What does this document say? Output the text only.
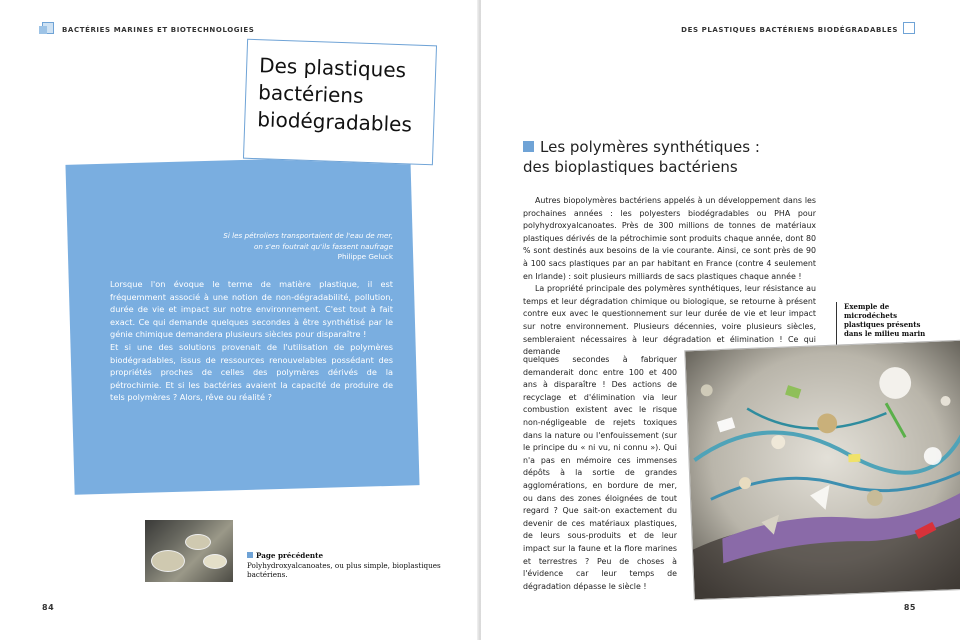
BACTÉRIES MARINES ET BIOTECHNOLOGIES
Des plastiques bactériens biodégradables
Si les pétroliers transportaient de l'eau de mer,
on s'en foutrait qu'ils fassent naufrage
Philippe Geluck

Lorsque l'on évoque le terme de matière plastique, il est fréquemment associé à une notion de non-dégradabilité, pollution, durée de vie et impact sur notre environnement. C'est tout à fait exact. Ce qui demande quelques secondes à être synthétisé par le génie chimique demandera plusieurs siècles pour disparaître !

Et si une des solutions provenait de l'utilisation de polymères biodégradables, issus de ressources renouvelables possédant des propriétés proches de celles des polymères dérivés de la pétrochimie. Et si les bactéries avaient la capacité de produire de tels polymères ? Alors, rêve ou réalité ?

Page précédente
Polyhydroxyalcanoates, ou plus simple, bioplastiques bactériens.
84
DES PLASTIQUES BACTÉRIENS BIODÉGRADABLES
Les polymères synthétiques :
des bioplastiques bactériens

Autres biopolymères bactériens appelés à un développement dans les prochaines années : les polyesters biodégradables ou PHA pour polyhydroxyalcanoates. Près de 300 millions de tonnes de matériaux plastiques dérivés de la pétrochimie sont produits chaque année, dont 80 % sont destinés aux besoins de la vie courante. Ainsi, ce sont près de 90 à 100 sacs plastiques par an par habitant en France (contre 4 seulement en Irlande) : soit plusieurs milliards de sacs plastiques chaque année !

La propriété principale des polymères synthétiques, leur résistance au temps et leur dégradation chimique ou biologique, se retourne à présent contre eux avec le questionnement sur leur durée de vie et leur impact sur notre environnement. Plusieurs décennies, voire plusieurs siècles, sembleraient nécessaires à leur dégradation et élimination ! Ce qui demande

quelques secondes à fabriquer demanderait donc entre 100 et 400 ans à disparaître ! Des actions de recyclage et d'élimination via leur combustion existent avec le risque non-négligeable de rejets toxiques dans la nature ou l'enfouissement (sur le principe du « ni vu, ni connu »). Qui n'a pas en mémoire ces immenses dépôts à la sortie de grandes agglomérations, en bordure de mer, ou dans des zones éloignées de tout regard ? Que sait-on exactement du devenir de ces matériaux plastiques, de leurs sous-produits et de leur impact sur la faune et la flore marines et terrestres ? Peu de choses à l'évidence car leur temps de dégradation dépasse le siècle !
Exemple de microdéchets plastiques présents dans le milieu marin
85
